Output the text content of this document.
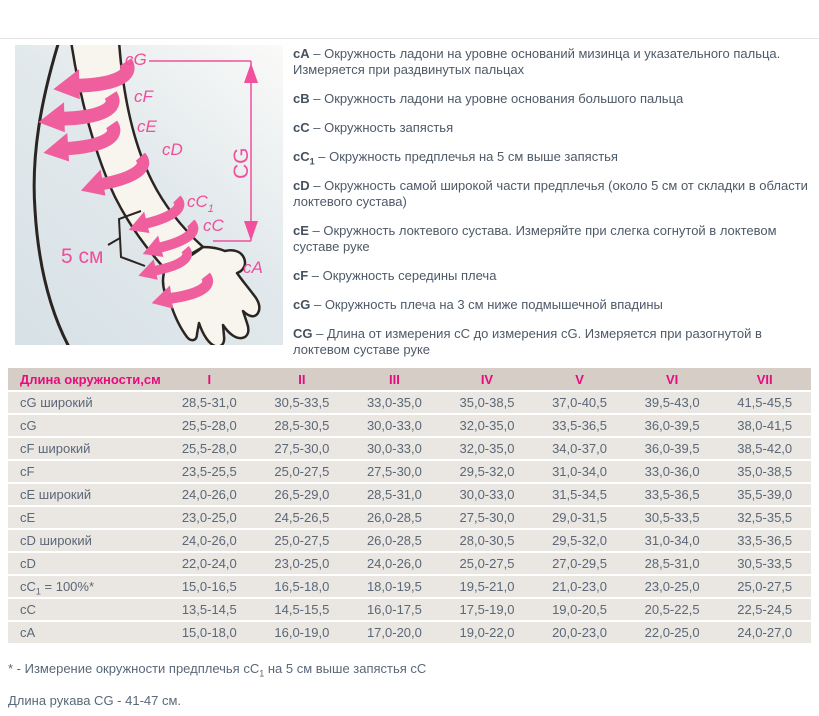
5 см
CG
cG
cF
cE
cD
$cC_1$
cC
cA
cA – Окружность ладони на уровне оснований мизинца и указательного пальца. Измеряется при раздвинутых пальцах
cB – Окружность ладони на уровне основания большого пальца
cC – Окружность запястья
$cC_1$ – Окружность предплечья на 5 см выше запястья
cD – Окружность самой широкой части предплечья (около 5 см от складки в области локтевого сустава)
cE – Окружность локтевого сустава. Измеряйте при слегка согнутой в локтевом суставе руке
cF – Окружность середины плеча
cG – Окружность плеча на 3 см ниже подмышечной впадины
CG – Длина от измерения cC до измерения cG. Измеряется при разогнутой в локтевом суставе руке
Длина окружности,см	I	II	III	IV	V	VI	VII
cG широкий	28,5-31,0	30,5-33,5	33,0-35,0	35,0-38,5	37,0-40,5	39,5-43,0	41,5-45,5
cG	25,5-28,0	28,5-30,5	30,0-33,0	32,0-35,0	33,5-36,5	36,0-39,5	38,0-41,5
cF широкий	25,5-28,0	27,5-30,0	30,0-33,0	32,0-35,0	34,0-37,0	36,0-39,5	38,5-42,0
cF	23,5-25,5	25,0-27,5	27,5-30,0	29,5-32,0	31,0-34,0	33,0-36,0	35,0-38,5
cE широкий	24,0-26,0	26,5-29,0	28,5-31,0	30,0-33,0	31,5-34,5	33,5-36,5	35,5-39,0
cE	23,0-25,0	24,5-26,5	26,0-28,5	27,5-30,0	29,0-31,5	30,5-33,5	32,5-35,5
cD широкий	24,0-26,0	25,0-27,5	26,0-28,5	28,0-30,5	29,5-32,0	31,0-34,0	33,5-36,5
cD	22,0-24,0	23,0-25,0	24,0-26,0	25,0-27,5	27,0-29,5	28,5-31,0	30,5-33,5
$cC_1 = 100\%*$	15,0-16,5	16,5-18,0	18,0-19,5	19,5-21,0	21,0-23,0	23,0-25,0	25,0-27,5
cC	13,5-14,5	14,5-15,5	16,0-17,5	17,5-19,0	19,0-20,5	20,5-22,5	22,5-24,5
cA	15,0-18,0	16,0-19,0	17,0-20,0	19,0-22,0	20,0-23,0	22,0-25,0	24,0-27,0
* - Измерение окружности предплечья $cC_1$ на 5 см выше запястья cC
Длина рукава CG - 41-47 см.
